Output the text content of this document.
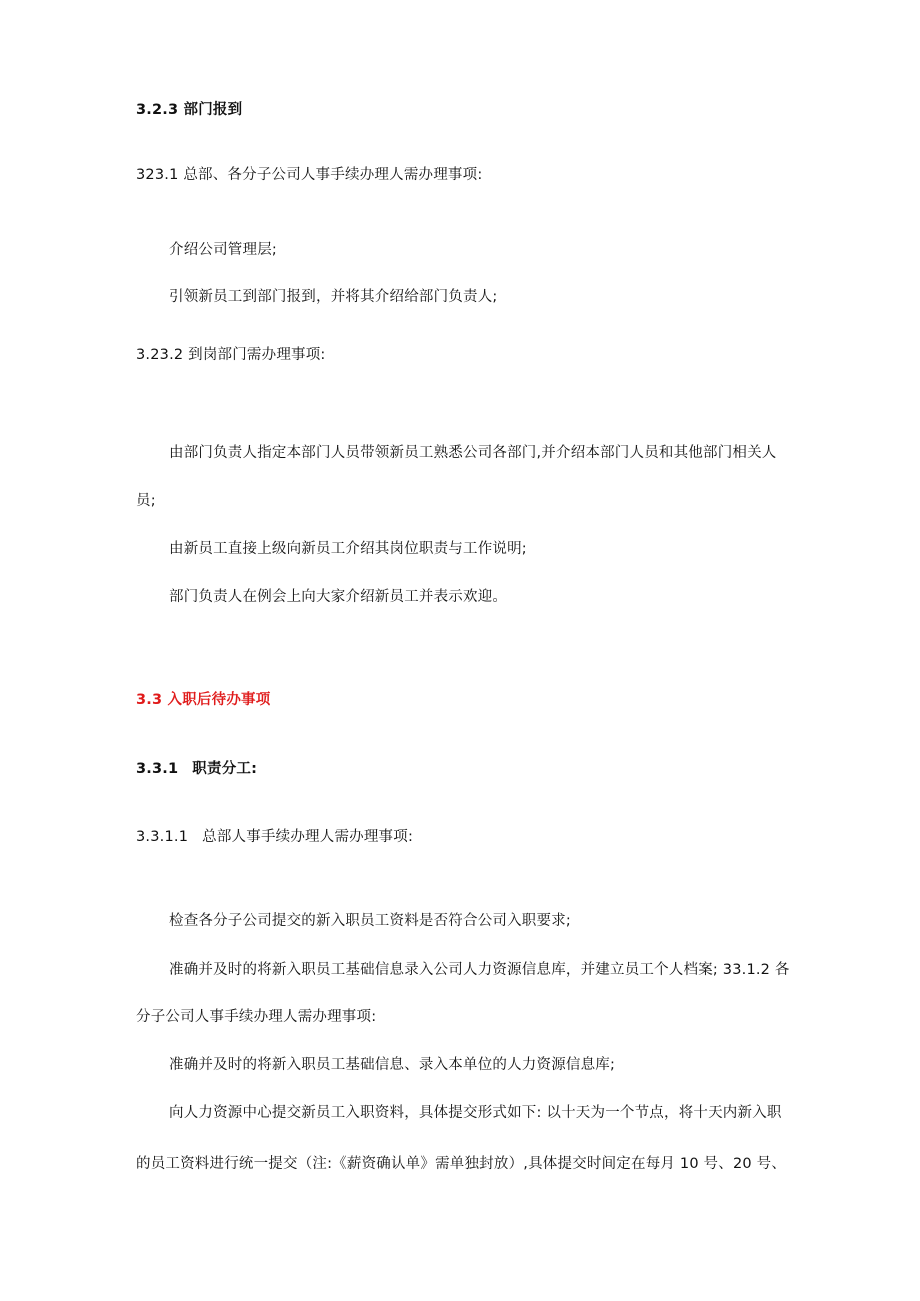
3.2.3 部门报到
323.1 总部、各分子公司人事手续办理人需办理事项:
介绍公司管理层;
引领新员工到部门报到，并将其介绍给部门负责人;
3.23.2 到岗部门需办理事项:
由部门负责人指定本部门人员带领新员工熟悉公司各部门,并介绍本部门人员和其他部门相关人
员;
由新员工直接上级向新员工介绍其岗位职责与工作说明;
部门负责人在例会上向大家介绍新员工并表示欢迎。
3.3 入职后待办事项
3.3.1 职责分工:
3.3.1.1 总部人事手续办理人需办理事项:
检查各分子公司提交的新入职员工资料是否符合公司入职要求;
准确并及时的将新入职员工基础信息录入公司人力资源信息库，并建立员工个人档案; 33.1.2 各
分子公司人事手续办理人需办理事项:
准确并及时的将新入职员工基础信息、录入本单位的人力资源信息库;
向人力资源中心提交新员工入职资料，具体提交形式如下: 以十天为一个节点，将十天内新入职
的员工资料进行统一提交（注:《薪资确认单》需单独封放）,具体提交时间定在每月 10 号、20 号、
